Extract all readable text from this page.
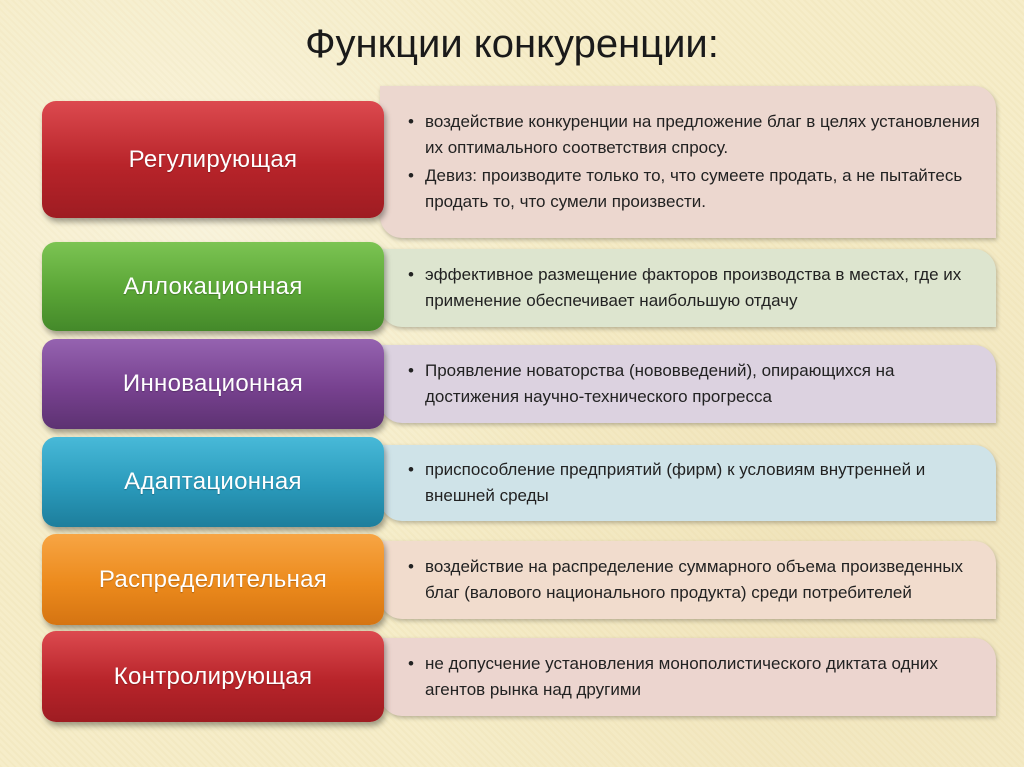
Функции конкуренции:
• воздействие конкуренции на предложение благ в целях установления их оптимального соответствия спросу.
• Девиз: производите только то, что сумеете продать, а не пытайтесь продать то, что сумели произвести.
Регулирующая
• эффективное размещение факторов производства в местах, где их применение обеспечивает наибольшую отдачу
Аллокационная
• Проявление новаторства (нововведений), опирающихся на достижения научно-технического прогресса
Инновационная
• приспособление предприятий (фирм) к условиям внутренней и внешней среды
Адаптационная
• воздействие на распределение суммарного объема произведенных благ (валового национального продукта) среди потребителей
Распределительная
• не допусчение установления монополистического диктата одних агентов рынка над другими
Контролирующая
